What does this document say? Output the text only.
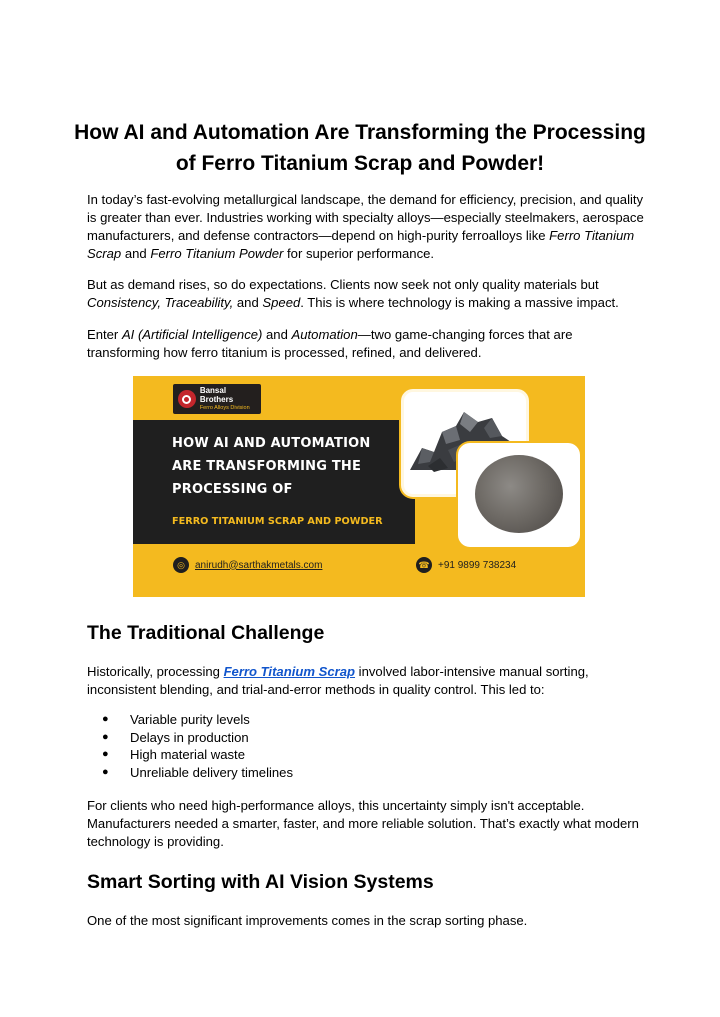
How AI and Automation Are Transforming the Processing of Ferro Titanium Scrap and Powder!

In today’s fast-evolving metallurgical landscape, the demand for efficiency, precision, and quality is greater than ever. Industries working with specialty alloys—especially steelmakers, aerospace manufacturers, and defense contractors—depend on high-purity ferroalloys like Ferro Titanium Scrap and Ferro Titanium Powder for superior performance.

But as demand rises, so do expectations. Clients now seek not only quality materials but Consistency, Traceability, and Speed. This is where technology is making a massive impact.

Enter AI (Artificial Intelligence) and Automation—two game-changing forces that are transforming how ferro titanium is processed, refined, and delivered.

Bansal Brothers
Ferro Alloys Division
HOW AI AND AUTOMATION
ARE TRANSFORMING THE
PROCESSING OF
FERRO TITANIUM SCRAP AND POWDER
◎	anirudh@sarthakmetals.com	☎ +91 9899 738234
The Traditional Challenge

Historically, processing Ferro Titanium Scrap involved labor-intensive manual sorting, inconsistent blending, and trial-and-error methods in quality control. This led to:

● Variable purity levels
● Delays in production
● High material waste
● Unreliable delivery timelines

For clients who need high-performance alloys, this uncertainty simply isn't acceptable. Manufacturers needed a smarter, faster, and more reliable solution. That’s exactly what modern technology is providing.

Smart Sorting with AI Vision Systems

One of the most significant improvements comes in the scrap sorting phase.
